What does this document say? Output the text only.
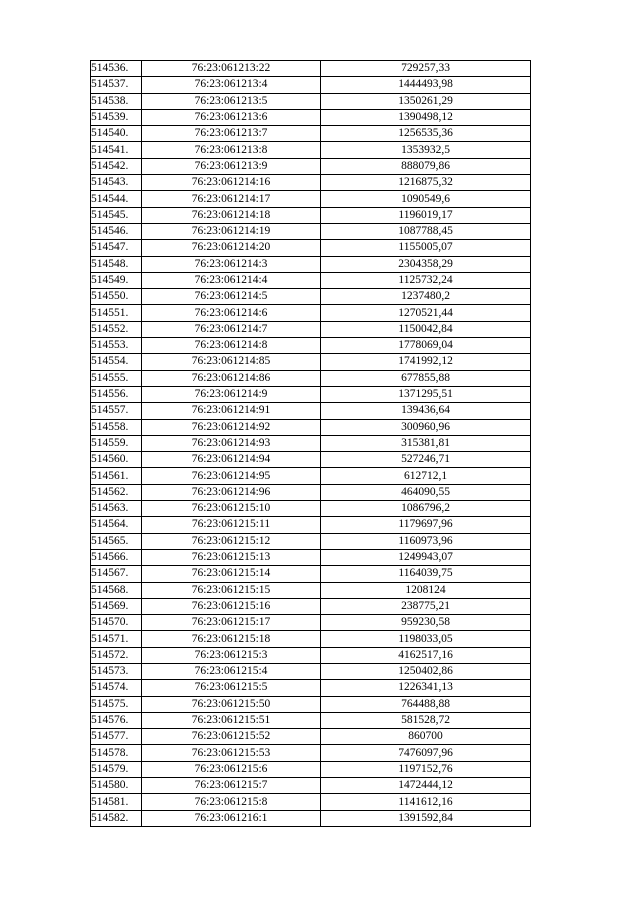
514536.	76:23:061213:22	729257,33
514537.	76:23:061213:4	1444493,98
514538.	76:23:061213:5	1350261,29
514539.	76:23:061213:6	1390498,12
514540.	76:23:061213:7	1256535,36
514541.	76:23:061213:8	1353932,5
514542.	76:23:061213:9	888079,86
514543.	76:23:061214:16	1216875,32
514544.	76:23:061214:17	1090549,6
514545.	76:23:061214:18	1196019,17
514546.	76:23:061214:19	1087788,45
514547.	76:23:061214:20	1155005,07
514548.	76:23:061214:3	2304358,29
514549.	76:23:061214:4	1125732,24
514550.	76:23:061214:5	1237480,2
514551.	76:23:061214:6	1270521,44
514552.	76:23:061214:7	1150042,84
514553.	76:23:061214:8	1778069,04
514554.	76:23:061214:85	1741992,12
514555.	76:23:061214:86	677855,88
514556.	76:23:061214:9	1371295,51
514557.	76:23:061214:91	139436,64
514558.	76:23:061214:92	300960,96
514559.	76:23:061214:93	315381,81
514560.	76:23:061214:94	527246,71
514561.	76:23:061214:95	612712,1
514562.	76:23:061214:96	464090,55
514563.	76:23:061215:10	1086796,2
514564.	76:23:061215:11	1179697,96
514565.	76:23:061215:12	1160973,96
514566.	76:23:061215:13	1249943,07
514567.	76:23:061215:14	1164039,75
514568.	76:23:061215:15	1208124
514569.	76:23:061215:16	238775,21
514570.	76:23:061215:17	959230,58
514571.	76:23:061215:18	1198033,05
514572.	76:23:061215:3	4162517,16
514573.	76:23:061215:4	1250402,86
514574.	76:23:061215:5	1226341,13
514575.	76:23:061215:50	764488,88
514576.	76:23:061215:51	581528,72
514577.	76:23:061215:52	860700
514578.	76:23:061215:53	7476097,96
514579.	76:23:061215:6	1197152,76
514580.	76:23:061215:7	1472444,12
514581.	76:23:061215:8	1141612,16
514582.	76:23:061216:1	1391592,84
